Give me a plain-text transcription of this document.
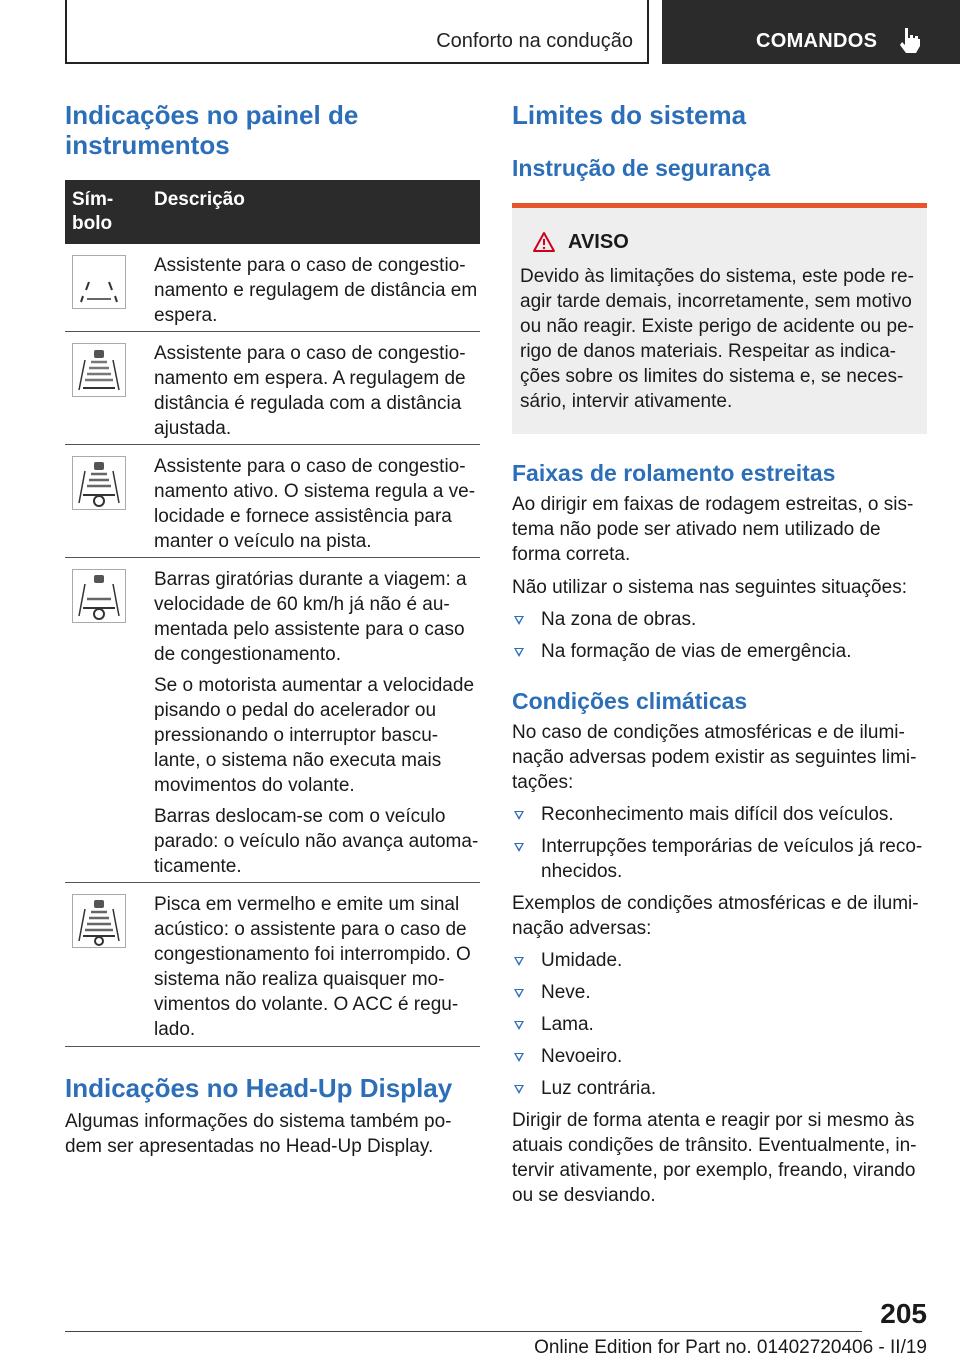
Conforto na condução	COMANDOS
Indicações no painel de instrumentos
Sím-
bolo
Descrição

Assistente para o caso de congestio-namento e regulagem de distância em espera.

Assistente para o caso de congestio-namento em espera. A regulagem de distância é regulada com a distância ajustada.

Assistente para o caso de congestio-namento ativo. O sistema regula a ve-locidade e fornece assistência para manter o veículo na pista.

Barras giratórias durante a viagem: a velocidade de 60 km/h já não é au-mentada pelo assistente para o caso de congestionamento.

Se o motorista aumentar a velocidade pisando o pedal do acelerador ou pressionando o interruptor bascu-lante, o sistema não executa mais movimentos do volante.

Barras deslocam-se com o veículo parado: o veículo não avança automa-ticamente.

Pisca em vermelho e emite um sinal acústico: o assistente para o caso de congestionamento foi interrompido. O sistema não realiza quaisquer mo-vimentos do volante. O ACC é regu-lado.

Indicações no Head-Up Display

Algumas informações do sistema também po-dem ser apresentadas no Head-Up Display.

Limites do sistema
Instrução de segurança
AVISO

Devido às limitações do sistema, este pode re-agir tarde demais, incorretamente, sem motivo ou não reagir. Existe perigo de acidente ou pe-rigo de danos materiais. Respeitar as indica-ções sobre os limites do sistema e, se neces-sário, intervir ativamente.

Faixas de rolamento estreitas

Ao dirigir em faixas de rodagem estreitas, o sis-tema não pode ser ativado nem utilizado de forma correta.

Não utilizar o sistema nas seguintes situações:

Na zona de obras.
Na formação de vias de emergência.
Condições climáticas

No caso de condições atmosféricas e de ilumi-nação adversas podem existir as seguintes limi-tações:

Reconhecimento mais difícil dos veículos.
Interrupções temporárias de veículos já reco-nhecidos.

Exemplos de condições atmosféricas e de ilumi-nação adversas:

Umidade.
Neve.
Lama.
Nevoeiro.
Luz contrária.

Dirigir de forma atenta e reagir por si mesmo às atuais condições de trânsito. Eventualmente, in-tervir ativamente, por exemplo, freando, virando ou se desviando.

205
Online Edition for Part no. 01402720406 - II/19
